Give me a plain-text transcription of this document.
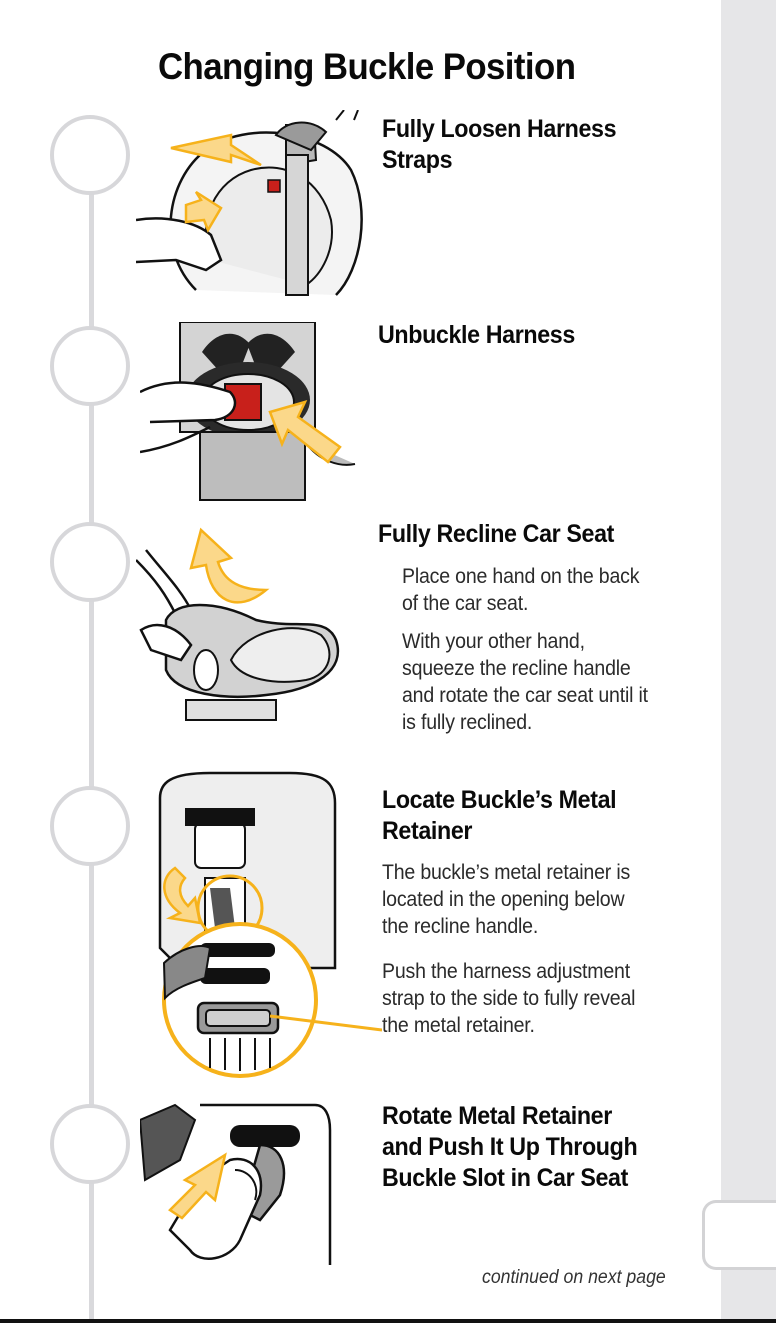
Changing Buckle Position
Fully Loosen Harness
Straps
Unbuckle Harness
Fully Recline Car Seat

Place one hand on the back
of the car seat.

With your other hand,
squeeze the recline handle
and rotate the car seat until it
is fully reclined.

Locate Buckle’s Metal
Retainer

The buckle’s metal retainer is
located in the opening below
the recline handle.

Push the harness adjustment
strap to the side to fully reveal
the metal retainer.

Rotate Metal Retainer
and Push It Up Through
Buckle Slot in Car Seat
continued on next page
